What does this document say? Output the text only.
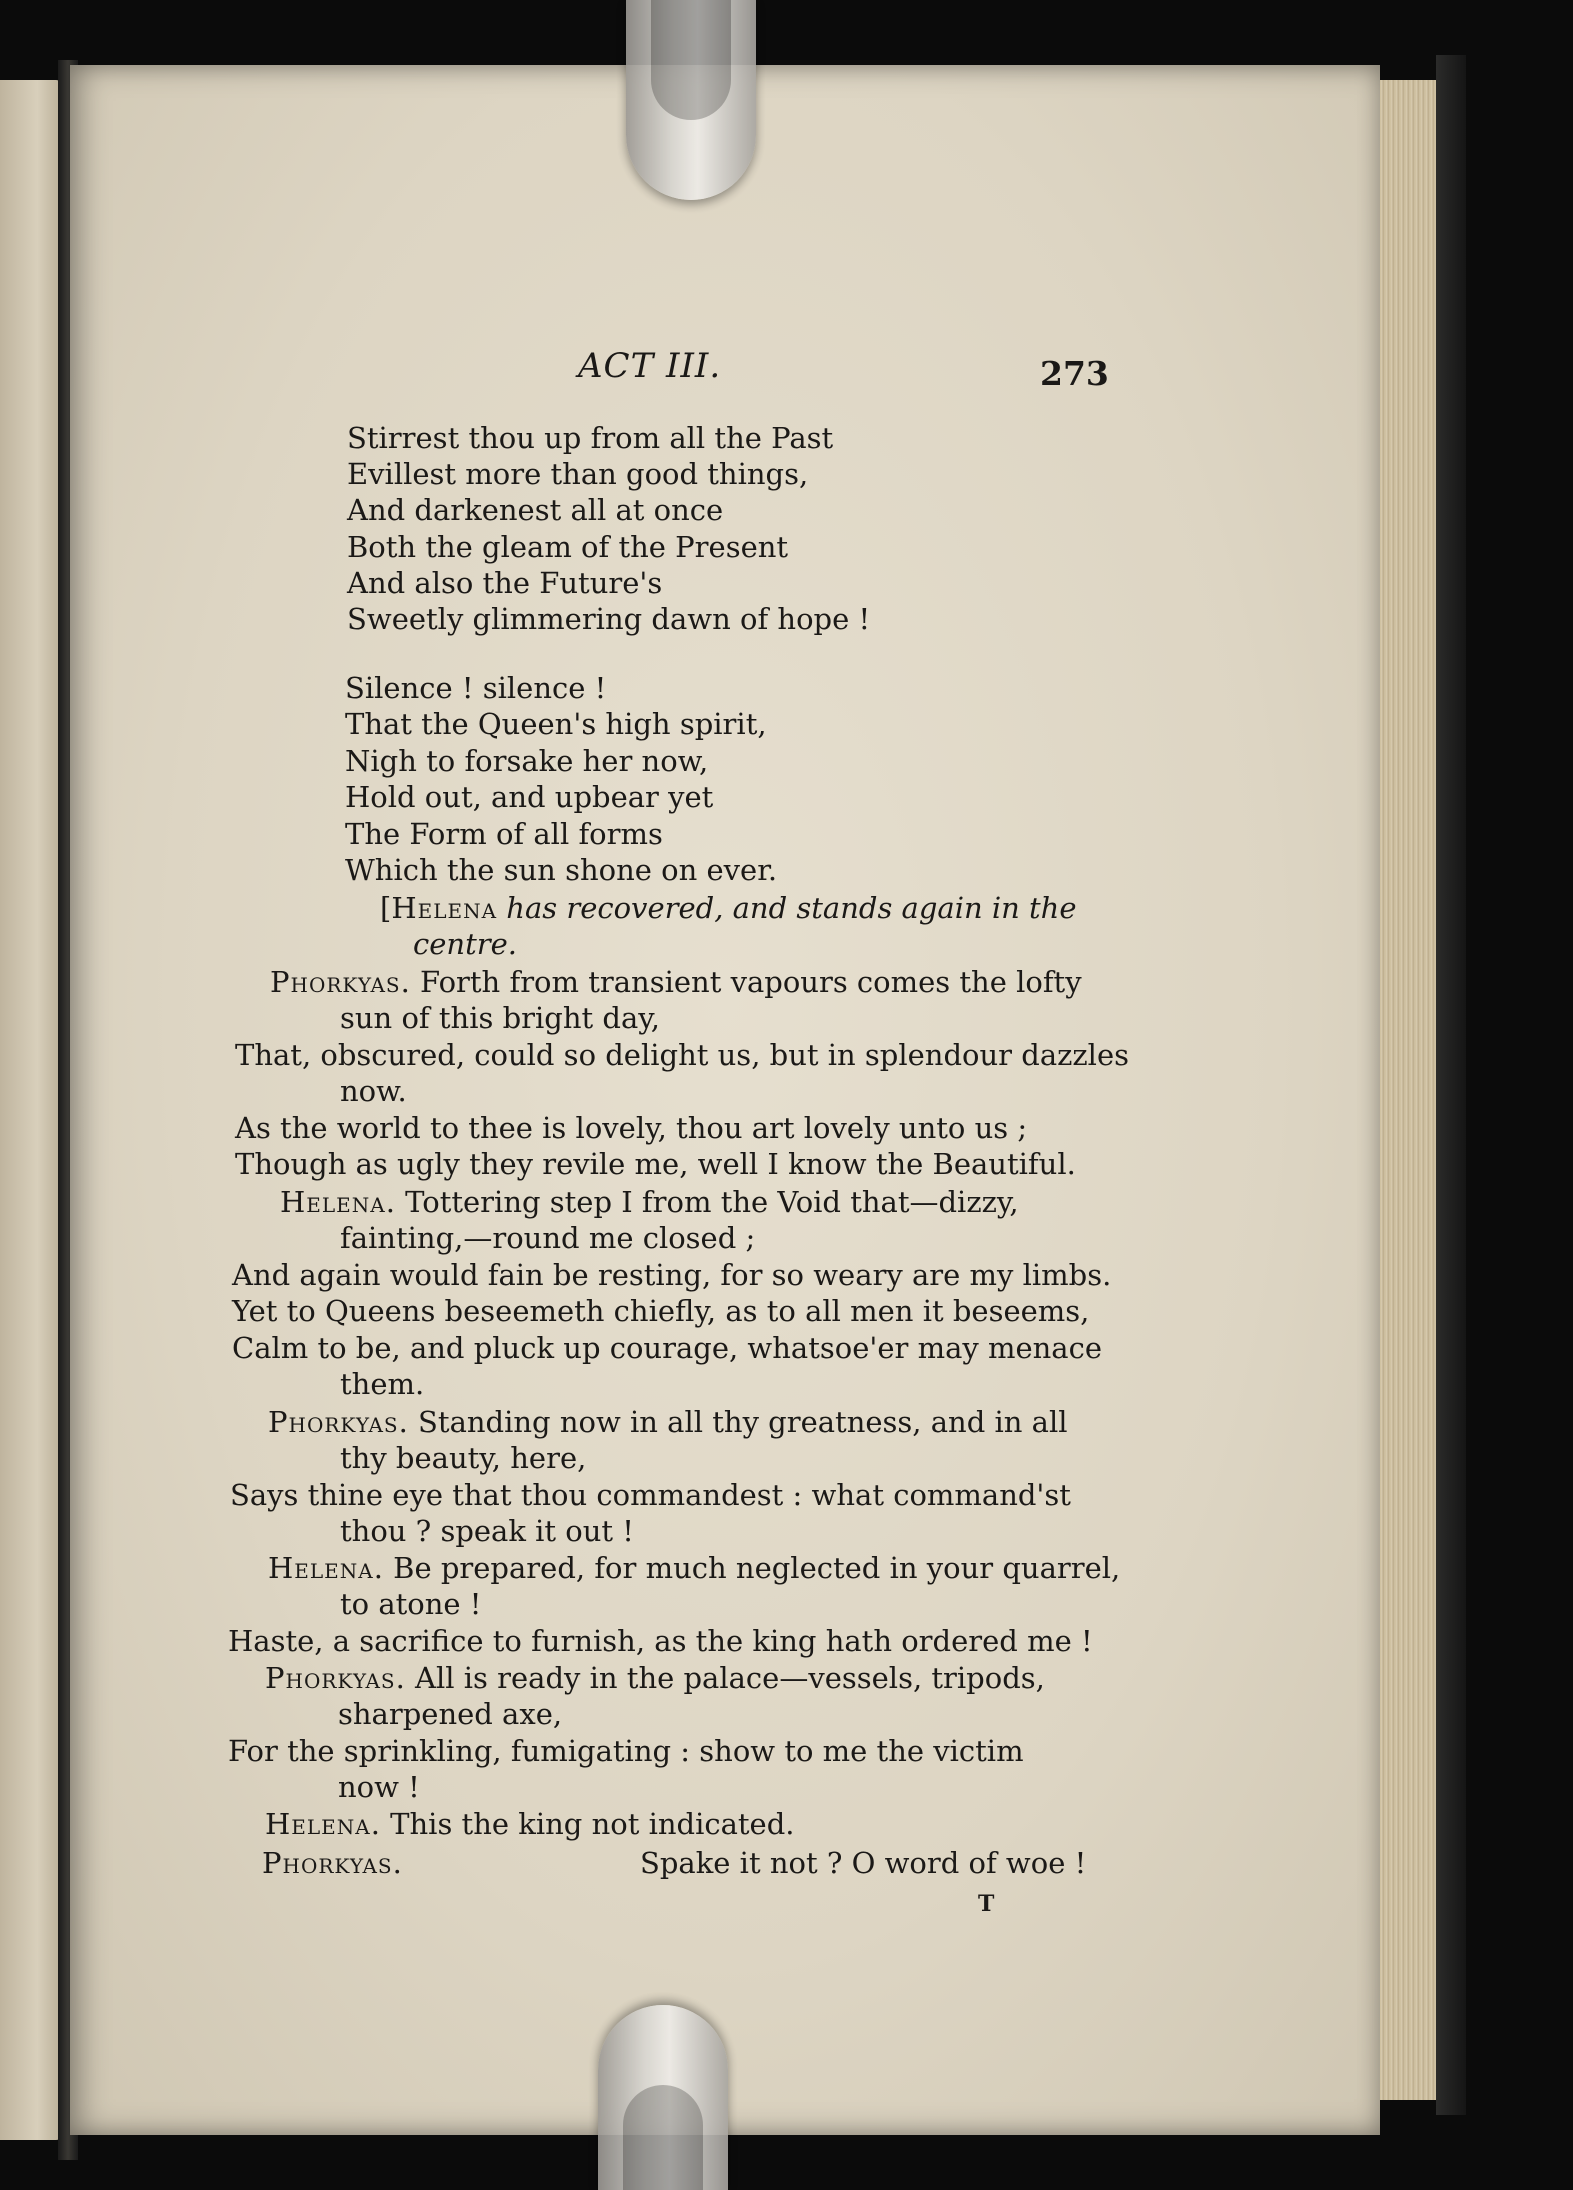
ACT III.	273
Stirrest thou up from all the Past
Evillest more than good things,
And darkenest all at once
Both the gleam of the Present
And also the Future's
Sweetly glimmering dawn of hope !
Silence ! silence !
That the Queen's high spirit,
Nigh to forsake her now,
Hold out, and upbear yet
The Form of all forms
Which the sun shone on ever.
[Helena has recovered, and stands again in the
centre.
Phorkyas. Forth from transient vapours comes the lofty
sun of this bright day,
That, obscured, could so delight us, but in splendour dazzles
now.
As the world to thee is lovely, thou art lovely unto us ;
Though as ugly they revile me, well I know the Beautiful.
Helena. Tottering step I from the Void that—dizzy,
fainting,—round me closed ;
And again would fain be resting, for so weary are my limbs.
Yet to Queens beseemeth chiefly, as to all men it beseems,
Calm to be, and pluck up courage, whatsoe'er may menace
them.
Phorkyas. Standing now in all thy greatness, and in all
thy beauty, here,
Says thine eye that thou commandest : what command'st
thou ? speak it out !
Helena. Be prepared, for much neglected in your quarrel,
to atone !
Haste, a sacrifice to furnish, as the king hath ordered me !
Phorkyas. All is ready in the palace—vessels, tripods,
sharpened axe,
For the sprinkling, fumigating : show to me the victim
now !
Helena. This the king not indicated.
Phorkyas.	Spake it not ? O word of woe !
T
